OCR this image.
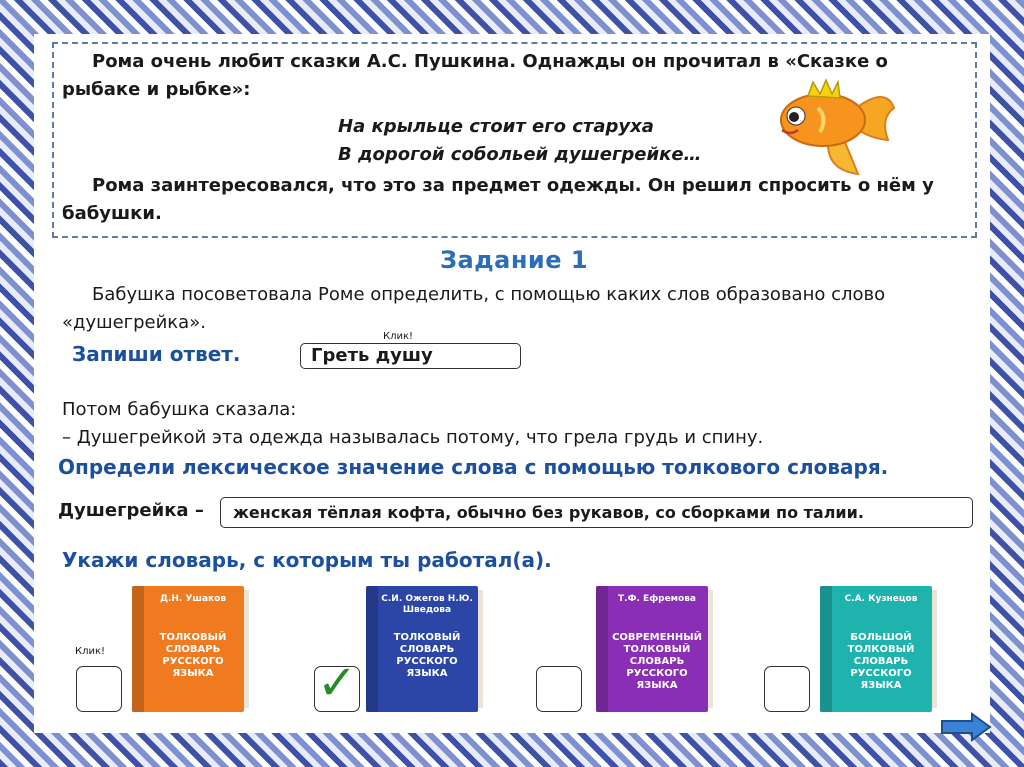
Рома очень любит сказки А.С. Пушкина. Однажды он прочитал в «Сказке о рыбаке и рыбке»:

На крыльце стоит его старуха
В дорогой собольей душегрейке…

Рома заинтересовался, что это за предмет одежды. Он решил спросить о нём у бабушки.

Задание 1
Бабушка посоветовала Роме определить, с помощью каких слов образовано слово «душегрейка».
Клик!
Запиши ответ.	Греть душу
Потом бабушка сказала:
– Душегрейкой эта одежда называлась потому, что грела грудь и спину.
Определи лексическое значение слова с помощью толкового словаря.
Душегрейка –	женская тёплая кофта, обычно без рукавов, со сборками по талии.
Укажи словарь, с которым ты работал(а).
Д.Н. Ушаков
ТОЛКОВЫЙ СЛОВАРЬ РУССКОГО ЯЗЫКА
С.И. Ожегов Н.Ю. Шведова
ТОЛКОВЫЙ СЛОВАРЬ РУССКОГО ЯЗЫКА
Т.Ф. Ефремова
СОВРЕМЕННЫЙ ТОЛКОВЫЙ СЛОВАРЬ РУССКОГО ЯЗЫКА
С.А. Кузнецов
БОЛЬШОЙ ТОЛКОВЫЙ СЛОВАРЬ РУССКОГО ЯЗЫКА
Клик!
✓
